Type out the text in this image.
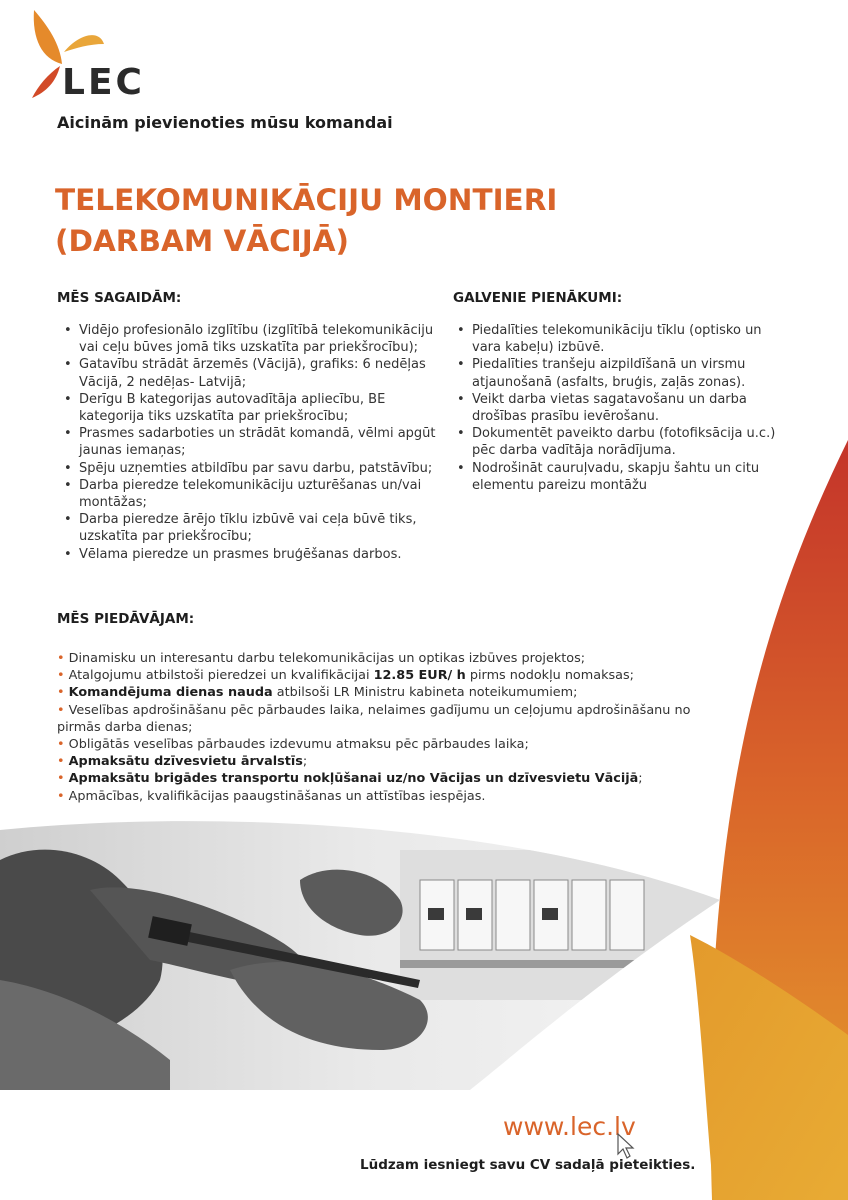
LEC
Aicinām pievienoties mūsu komandai
TELEKOMUNIKĀCIJU MONTIERI
(DARBAM VĀCIJĀ)
MĒS SAGAIDĀM:
• Vidējo profesionālo izglītību (izglītībā telekomunikāciju vai ceļu būves jomā tiks uzskatīta par priekšrocību);
• Gatavību strādāt ārzemēs (Vācijā), grafiks: 6 nedēļas Vācijā, 2 nedēļas- Latvijā;
• Derīgu B kategorijas autovadītāja apliecību, BE kategorija tiks uzskatīta par priekšrocību;
• Prasmes sadarboties un strādāt komandā, vēlmi apgūt jaunas iemaņas;
• Spēju uzņemties atbildību par savu darbu, patstāvību;
• Darba pieredze telekomunikāciju uzturēšanas un/vai montāžas;
• Darba pieredze ārējo tīklu izbūvē vai ceļa būvē tiks, uzskatīta par priekšrocību;
• Vēlama pieredze un prasmes bruģēšanas darbos.
GALVENIE PIENĀKUMI:
• Piedalīties telekomunikāciju tīklu (optisko un vara kabeļu) izbūvē.
• Piedalīties tranšeju aizpildīšanā un virsmu atjaunošanā (asfalts, bruģis, zaļās zonas).
• Veikt darba vietas sagatavošanu un darba drošības prasību ievērošanu.
• Dokumentēt paveikto darbu (fotofiksācija u.c.) pēc darba vadītāja norādījuma.
• Nodrošināt cauruļvadu, skapju šahtu un citu elementu pareizu montāžu
MĒS PIEDĀVĀJAM:
• Dinamisku un interesantu darbu telekomunikācijas un optikas izbūves projektos;
• Atalgojumu atbilstoši pieredzei un kvalifikācijai 12.85 EUR/ h pirms nodokļu nomaksas;
• Komandējuma dienas nauda atbilsoši LR Ministru kabineta noteikumumiem;
• Veselības apdrošināšanu pēc pārbaudes laika, nelaimes gadījumu un ceļojumu apdrošināšanu no pirmās darba dienas;
• Obligātās veselības pārbaudes izdevumu atmaksu pēc pārbaudes laika;
• Apmaksātu dzīvesvietu ārvalstīs;
• Apmaksātu brigādes transportu nokļūšanai uz/no Vācijas un dzīvesvietu Vācijā;
• Apmācības, kvalifikācijas paaugstināšanas un attīstības iespējas.
www.lec.lv
Lūdzam iesniegt savu CV sadaļā pieteikties.
